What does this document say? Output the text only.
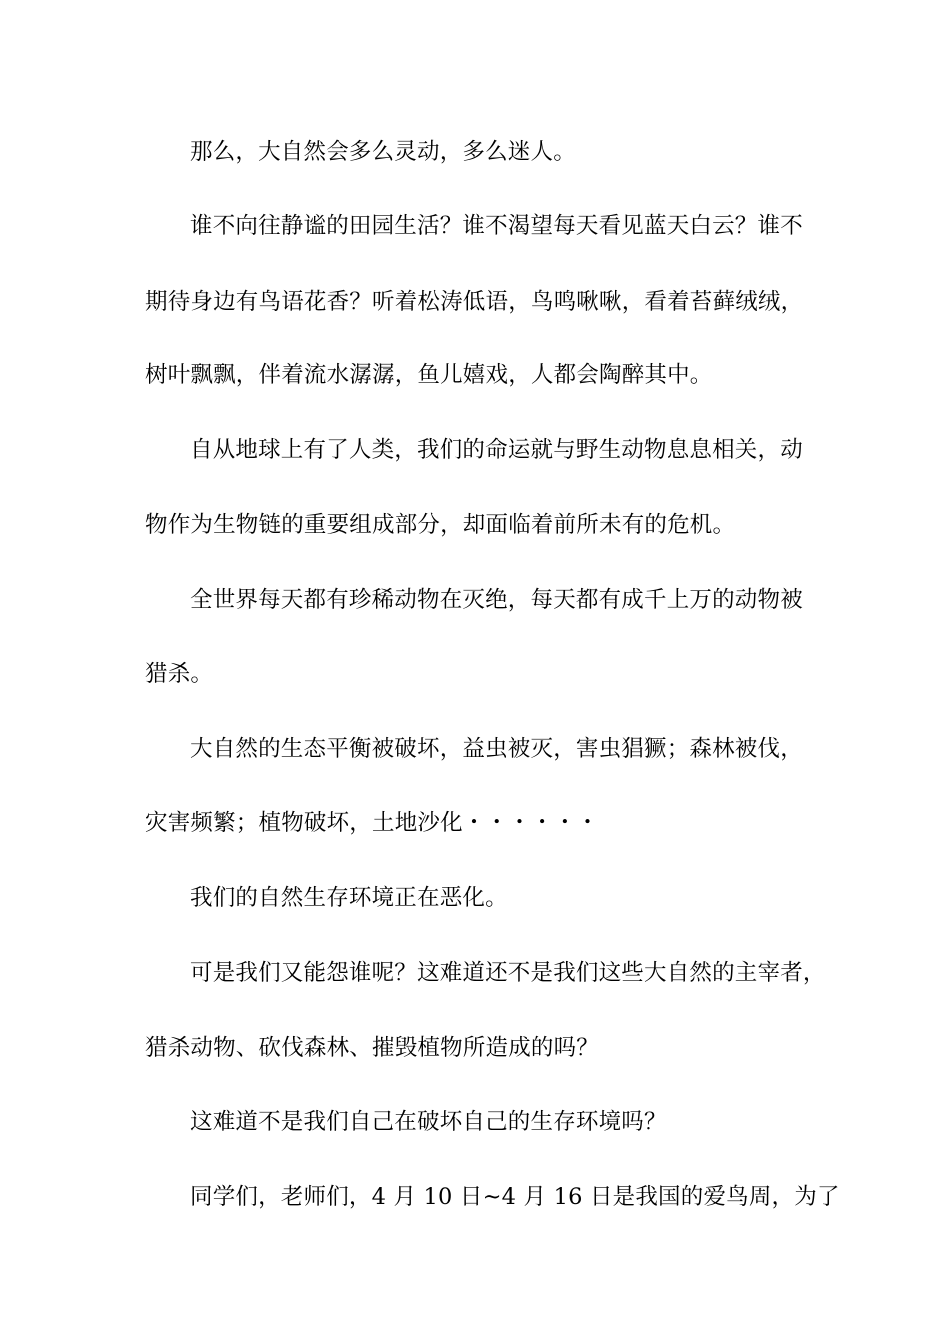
那么，大自然会多么灵动，多么迷人。
谁不向往静谧的田园生活？谁不渴望每天看见蓝天白云？谁不
期待身边有鸟语花香？听着松涛低语，鸟鸣啾啾，看着苔藓绒绒，
树叶飘飘，伴着流水潺潺，鱼儿嬉戏，人都会陶醉其中。
自从地球上有了人类，我们的命运就与野生动物息息相关，动
物作为生物链的重要组成部分，却面临着前所未有的危机。
全世界每天都有珍稀动物在灭绝，每天都有成千上万的动物被
猎杀。
大自然的生态平衡被破坏，益虫被灭，害虫猖獗；森林被伐，
灾害频繁；植物破坏，土地沙化・・・・・・
我们的自然生存环境正在恶化。
可是我们又能怨谁呢？这难道还不是我们这些大自然的主宰者，
猎杀动物、砍伐森林、摧毁植物所造成的吗？
这难道不是我们自己在破坏自己的生存环境吗？
同学们，老师们，4 月 10 日~4 月 16 日是我国的爱鸟周，为了
